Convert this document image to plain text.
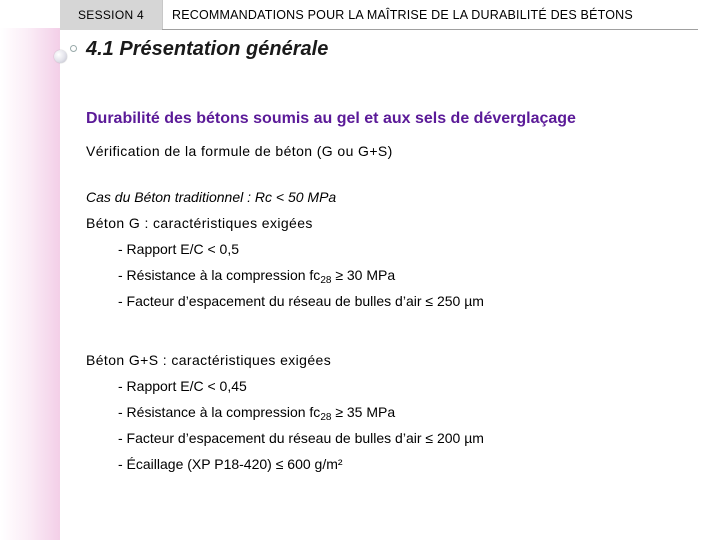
SESSION 4 RECOMMANDATIONS POUR LA MAÎTRISE DE LA DURABILITÉ DES BÉTONS
4.1 Présentation générale
Durabilité des bétons soumis au gel et aux sels de déverglaçage
Vérification de la formule de béton (G ou G+S)
Cas du Béton traditionnel : Rc < 50 MPa
Béton G : caractéristiques exigées
- Rapport E/C < 0,5
- Résistance à la compression $fc_{28} \ge 30$ MPa
- Facteur d’espacement du réseau de bulles d’air ≤ 250 µm
Béton G+S : caractéristiques exigées
- Rapport E/C < 0,45
- Résistance à la compression $fc_{28} \ge 35$ MPa
- Facteur d’espacement du réseau de bulles d’air ≤ 200 µm
- Écaillage (XP P18-420) ≤ 600 g/m²
